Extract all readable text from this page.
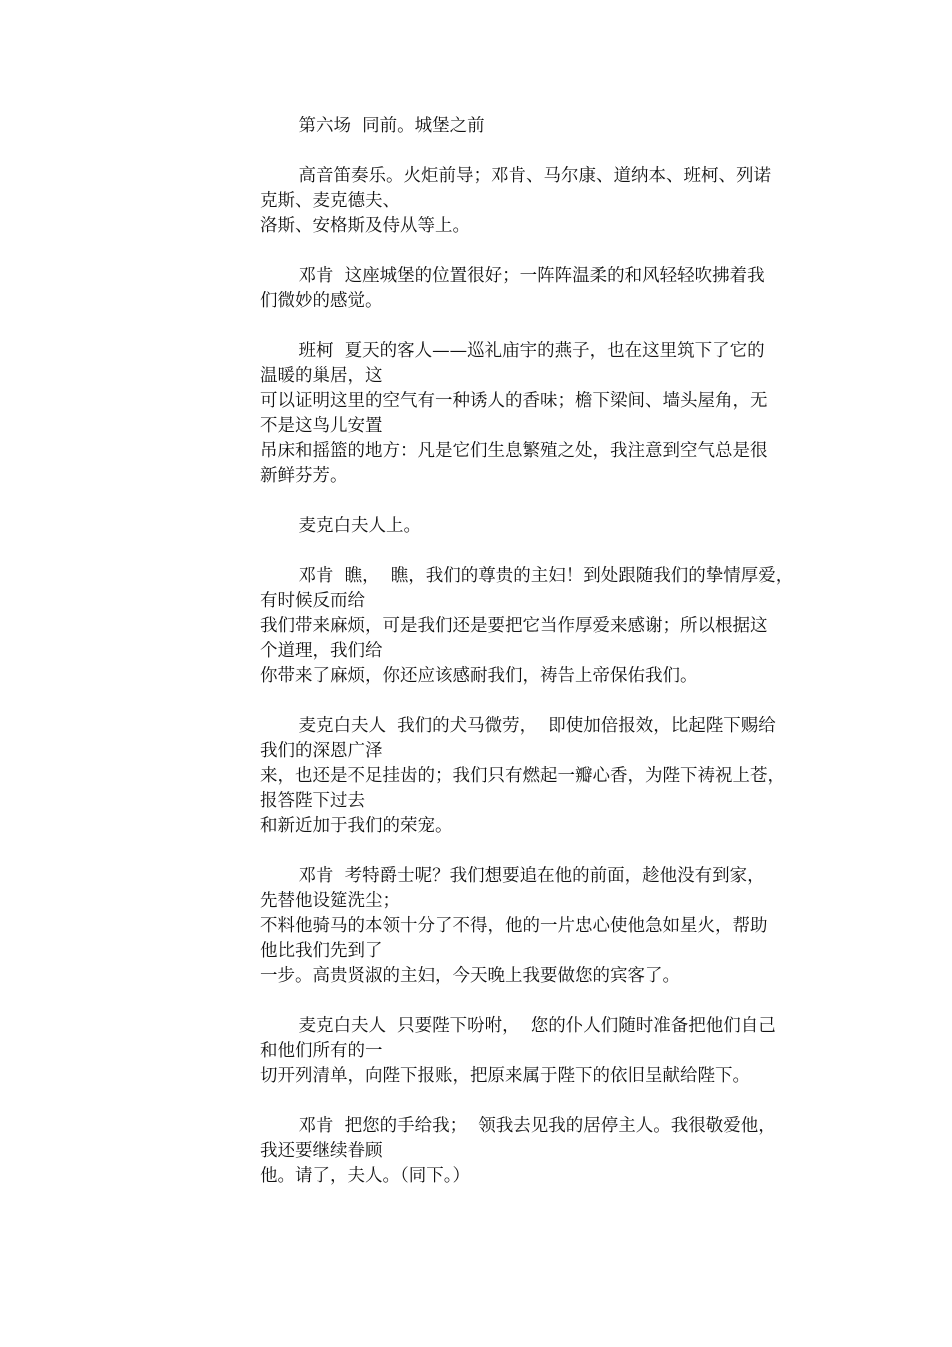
第六场  同前。城堡之前
高音笛奏乐。火炬前导；邓肯、马尔康、道纳本、班柯、列诺
克斯、麦克德夫、
洛斯、安格斯及侍从等上。
邓肯  这座城堡的位置很好；一阵阵温柔的和风轻轻吹拂着我
们微妙的感觉。
班柯  夏天的客人——巡礼庙宇的燕子，也在这里筑下了它的
温暖的巢居，这
可以证明这里的空气有一种诱人的香味；檐下梁间、墙头屋角，无
不是这鸟儿安置
吊床和摇篮的地方：凡是它们生息繁殖之处，我注意到空气总是很
新鲜芬芳。
麦克白夫人上。
邓肯  瞧，  瞧，我们的尊贵的主妇！到处跟随我们的挚情厚爱，
有时候反而给
我们带来麻烦，可是我们还是要把它当作厚爱来感谢；所以根据这
个道理，我们给
你带来了麻烦，你还应该感耐我们，祷告上帝保佑我们。
麦克白夫人  我们的犬马微劳，  即使加倍报效，比起陛下赐给
我们的深恩广泽
来，也还是不足挂齿的；我们只有燃起一瓣心香，为陛下祷祝上苍，
报答陛下过去
和新近加于我们的荣宠。
邓肯  考特爵士呢？我们想要追在他的前面，趁他没有到家，
先替他设筵洗尘；
不料他骑马的本领十分了不得，他的一片忠心使他急如星火，帮助
他比我们先到了
一步。高贵贤淑的主妇，今天晚上我要做您的宾客了。
麦克白夫人  只要陛下吩咐，  您的仆人们随时准备把他们自己
和他们所有的一
切开列清单，向陛下报账，把原来属于陛下的依旧呈献给陛下。
邓肯  把您的手给我；  领我去见我的居停主人。我很敬爱他，
我还要继续眷顾
他。请了，夫人。（同下。）
